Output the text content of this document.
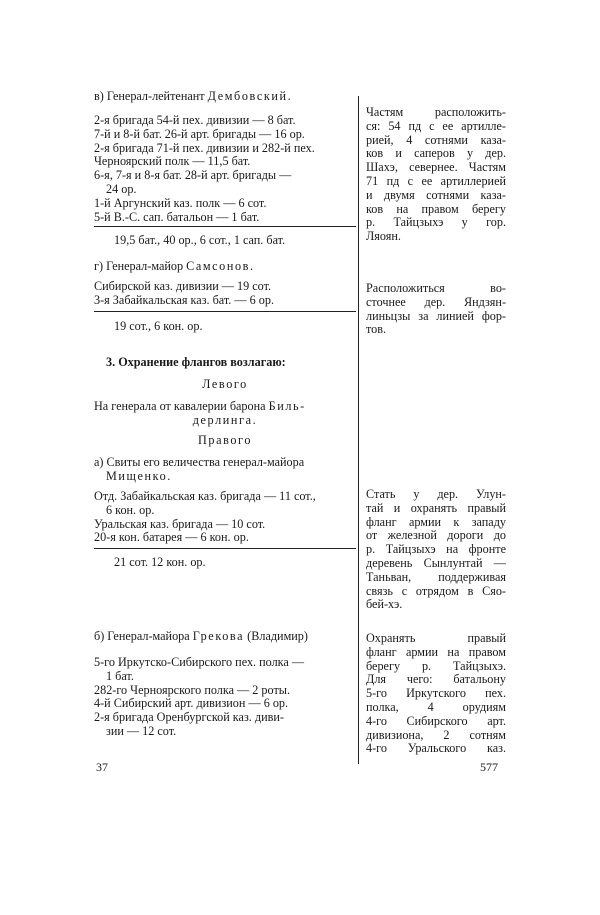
в) Генерал-лейтенант Дембовский.
2-я бригада 54-й пех. дивизии — 8 бат.
7-й и 8-й бат. 26-й арт. бригады — 16 ор.
2-я бригада 71-й пех. дивизии и 282-й пех.
Черноярский полк — 11,5 бат.
6-я, 7-я и 8-я бат. 28-й арт. бригады —
24 ор.
1-й Аргунский каз. полк — 6 сот.
5-й В.-С. сап. батальон — 1 бат.
19,5 бат., 40 ор., 6 сот., 1 сап. бат.
г) Генерал-майор Самсонов.
Сибирской каз. дивизии — 19 сот.
3-я Забайкальская каз. бат. — 6 ор.
19 сот., 6 кон. ор.
3. Охранение флангов возлагаю:
Левого
На генерала от кавалерии барона Биль-
дерлинга.
Правого
а) Свиты его величества генерал-майора
Мищенко.
Отд. Забайкальская каз. бригада — 11 сот.,
6 кон. ор.
Уральская каз. бригада — 10 сот.
20-я кон. батарея — 6 кон. ор.
21 сот. 12 кон. ор.
б) Генерал-майора Грекова (Владимир)
5-го Иркутско-Сибирского пех. полка —
1 бат.
282-го Черноярского полка — 2 роты.
4-й Сибирский арт. дивизион — 6 ор.
2-я бригада Оренбургской каз. диви-
зии — 12 сот.
Частям расположить-
ся: 54 пд с ее артилле-
рией, 4 сотнями каза-
ков и саперов у дер.
Шахэ, севернее. Частям
71 пд с ее артиллерией
и двумя сотнями каза-
ков на правом берегу
р. Тайцзыхэ у гор.
Ляоян.
Расположиться во-
сточнее дер. Яндзян-
линьцзы за линией фор-
тов.
Стать у дер. Улун-
тай и охранять правый
фланг армии к западу
от железной дороги до
р. Тайцзыхэ на фронте
деревень Сынлунтай —
Таньван, поддерживая
связь с отрядом в Сяо-
бей-хэ.
Охранять правый
фланг армии на правом
берегу р. Тайцзыхэ.
Для чего: батальону
5-го Иркутского пех.
полка, 4 орудиям
4-го Сибирского арт.
дивизиона, 2 сотням
4-го Уральского каз.
37	577
